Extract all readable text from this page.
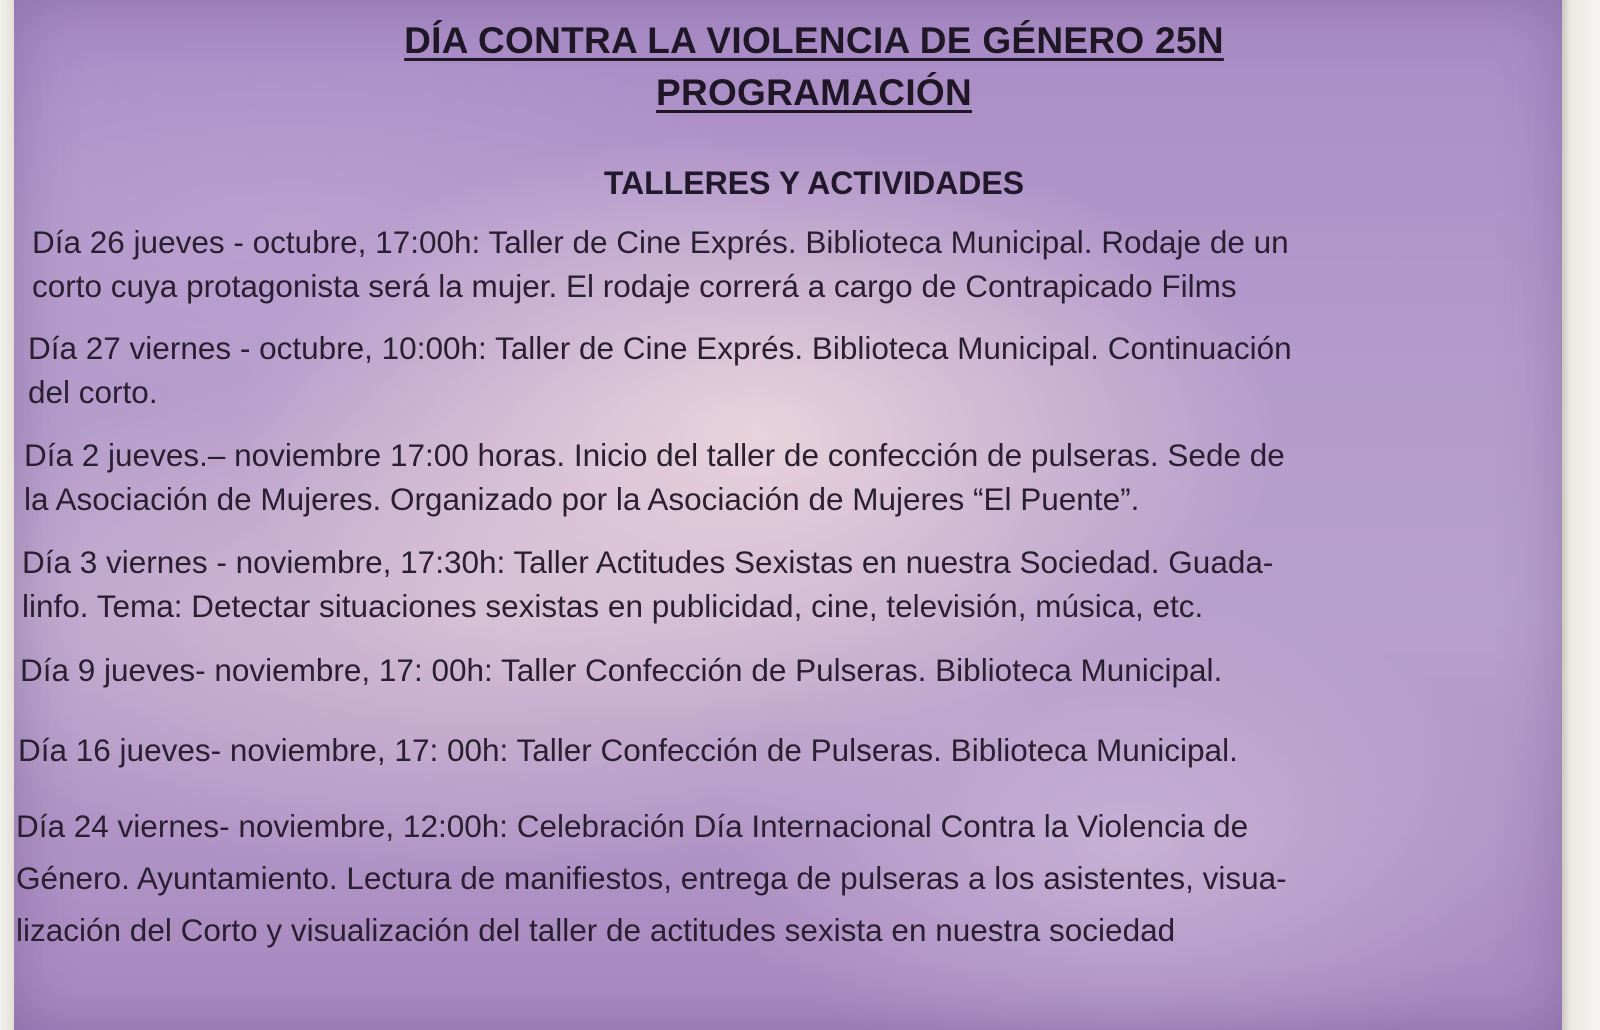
DÍA CONTRA LA VIOLENCIA DE GÉNERO 25N
PROGRAMACIÓN
TALLERES Y ACTIVIDADES
Día 26 jueves - octubre, 17:00h: Taller de Cine Exprés. Biblioteca Municipal. Rodaje de un
corto cuya protagonista será la mujer. El rodaje correrá a cargo de Contrapicado Films
Día 27 viernes - octubre, 10:00h: Taller de Cine Exprés. Biblioteca Municipal. Continuación
del corto.
Día 2 jueves.– noviembre 17:00 horas. Inicio del taller de confección de pulseras. Sede de
la Asociación de Mujeres. Organizado por la Asociación de Mujeres “El Puente”.
Día 3 viernes - noviembre, 17:30h: Taller Actitudes Sexistas en nuestra Sociedad. Guada-
linfo. Tema: Detectar situaciones sexistas en publicidad, cine, televisión, música, etc.
Día 9 jueves- noviembre, 17: 00h: Taller Confección de Pulseras. Biblioteca Municipal.
Día 16 jueves- noviembre, 17: 00h: Taller Confección de Pulseras. Biblioteca Municipal.
Día 24 viernes- noviembre, 12:00h: Celebración Día Internacional Contra la Violencia de
Género. Ayuntamiento. Lectura de manifiestos, entrega de pulseras a los asistentes, visua-
lización del Corto y visualización del taller de actitudes sexista en nuestra sociedad
